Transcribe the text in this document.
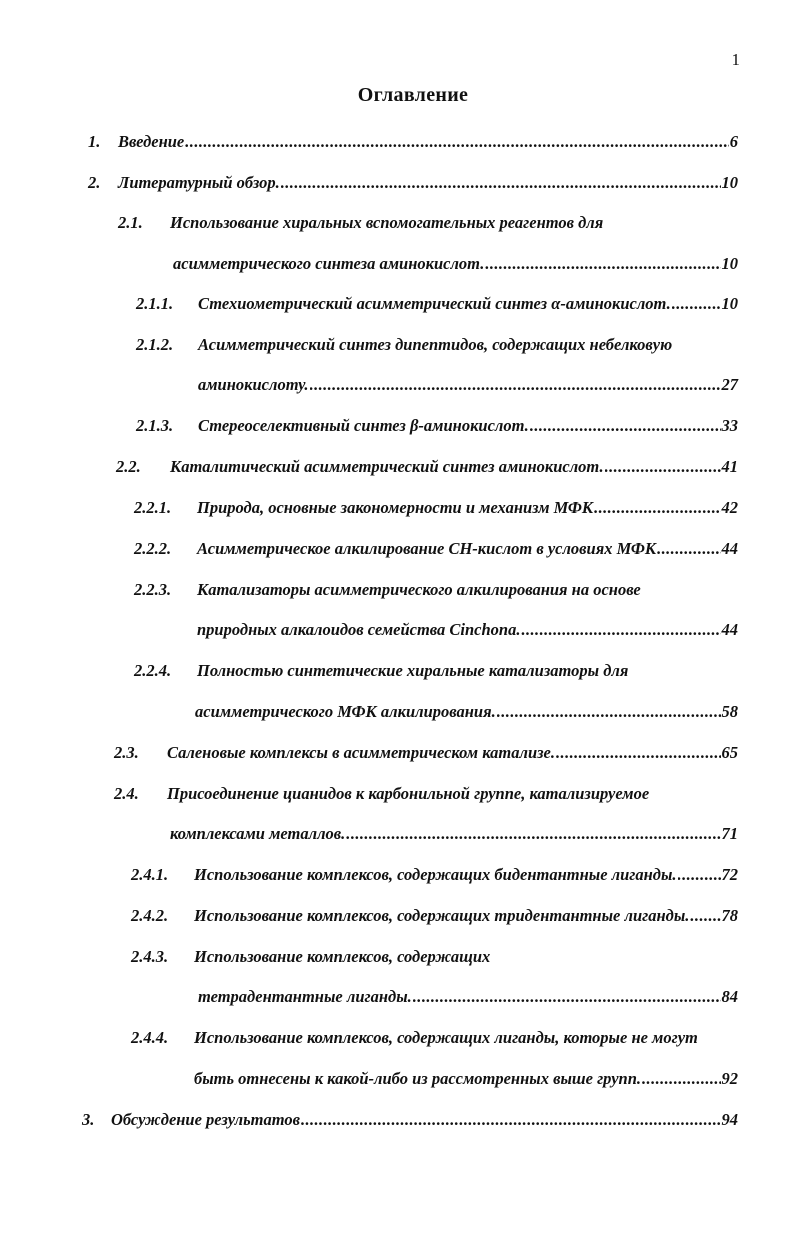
1
Оглавление
1. Введение .....	6
2. Литературный обзор. .....	10
2.1. Использование хиральных вспомогательных реагентов для
асимметрического синтеза аминокислот. .....	10
2.1.1. Стехиометрический асимметрический синтез α-аминокислот. .....	10
2.1.2. Асимметрический синтез дипептидов, содержащих небелковую
аминокислоту. .....	27
2.1.3. Стереоселективный синтез β-аминокислот. .....	33
2.2. Каталитический асимметрический синтез аминокислот. .....	41
2.2.1. Природа, основные закономерности и механизм МФК .....	42
2.2.2. Асимметрическое алкилирование СН-кислот в условиях МФК .....	44
2.2.3. Катализаторы асимметрического алкилирования на основе
природных алкалоидов семейства Cinchona. .....	44
2.2.4. Полностью синтетические хиральные катализаторы для
асимметрического МФК алкилирования. .....	58
2.3. Саленовые комплексы в асимметрическом катализе. .....	65
2.4. Присоединение цианидов к карбонильной группе, катализируемое
комплексами металлов. .....	71
2.4.1. Использование комплексов, содержащих бидентантные лиганды. .....	72
2.4.2. Использование комплексов, содержащих тридентантные лиганды. ..... 78
2.4.3. Использование комплексов, содержащих
тетрадентантные лиганды. .....	84
2.4.4. Использование комплексов, содержащих лиганды, которые не могут
быть отнесены к какой-либо из рассмотренных выше групп. .....	92
3. Обсуждение результатов .....	94
